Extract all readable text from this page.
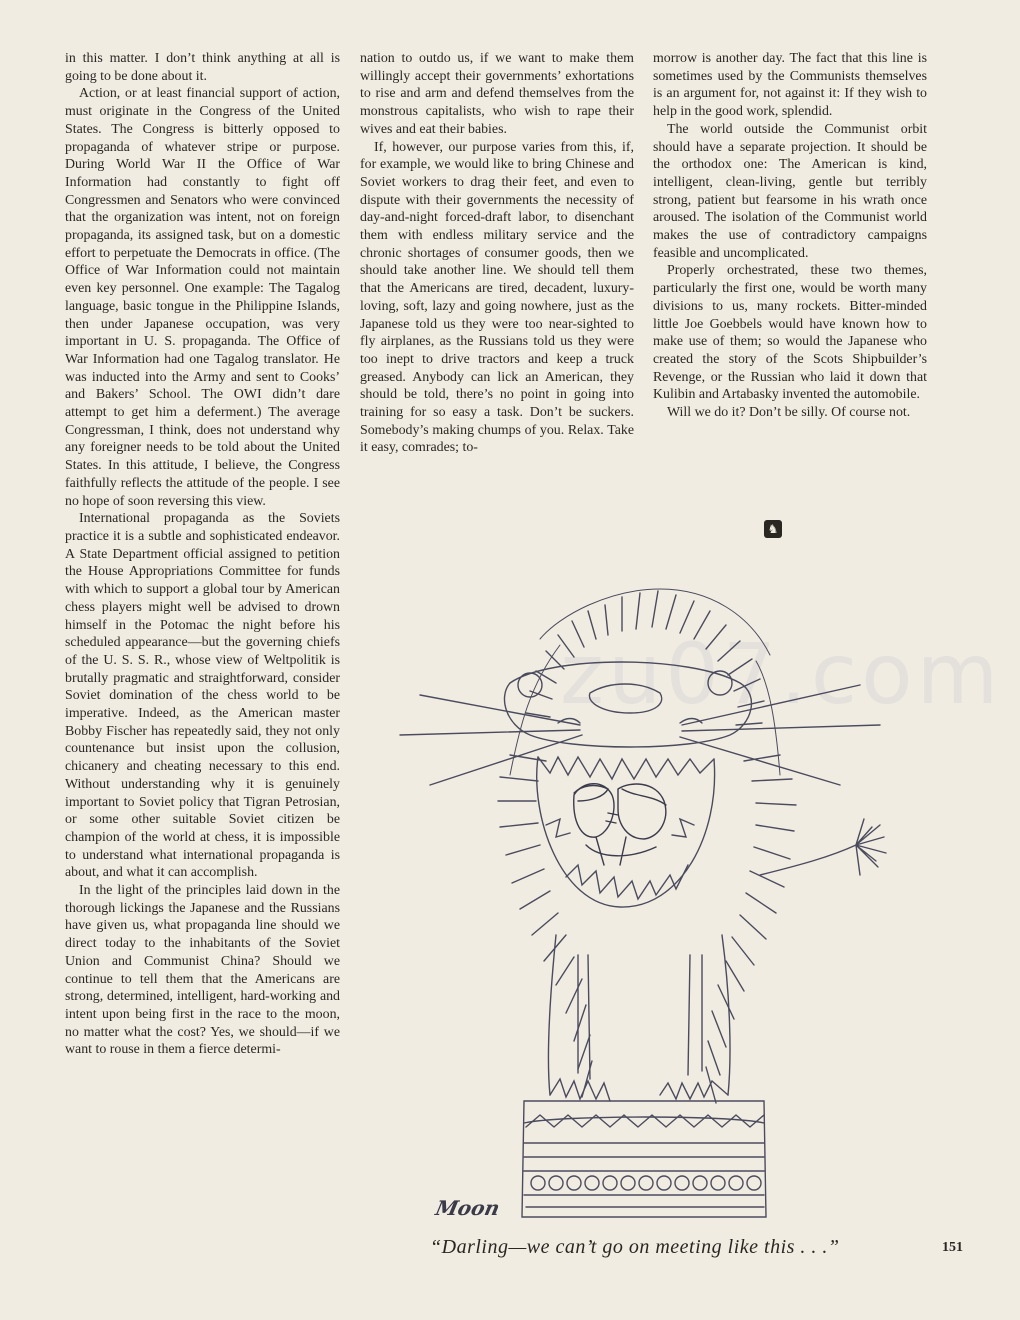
in this matter. I don’t think anything at all is going to be done about it.

Action, or at least financial support of action, must originate in the Congress of the United States. The Congress is bitterly opposed to propaganda of whatever stripe or purpose. During World War II the Office of War Information had constantly to fight off Congressmen and Senators who were convinced that the organization was intent, not on foreign propaganda, its assigned task, but on a domestic effort to perpetuate the Democrats in office. (The Office of War Information could not maintain even key personnel. One example: The Tagalog language, basic tongue in the Philippine Islands, then under Japanese occupation, was very important in U. S. propaganda. The Office of War Information had one Tagalog translator. He was inducted into the Army and sent to Cooks’ and Bakers’ School. The OWI didn’t dare attempt to get him a deferment.) The average Congressman, I think, does not understand why any foreigner needs to be told about the United States. In this attitude, I believe, the Congress faithfully reflects the attitude of the people. I see no hope of soon reversing this view.

International propaganda as the Soviets practice it is a subtle and sophisticated endeavor. A State Department official assigned to petition the House Appropriations Committee for funds with which to support a global tour by American chess players might well be advised to drown himself in the Potomac the night before his scheduled appearance—but the governing chiefs of the U. S. S. R., whose view of Weltpolitik is brutally pragmatic and straightforward, consider Soviet domination of the chess world to be imperative. Indeed, as the American master Bobby Fischer has repeatedly said, they not only countenance but insist upon the collusion, chicanery and cheating necessary to this end. Without understanding why it is genuinely important to Soviet policy that Tigran Petrosian, or some other suitable Soviet citizen be champion of the world at chess, it is impossible to understand what international propaganda is about, and what it can accomplish.

In the light of the principles laid down in the thorough lickings the Japanese and the Russians have given us, what propaganda line should we direct today to the inhabitants of the Soviet Union and Communist China? Should we continue to tell them that the Americans are strong, determined, intelligent, hard-working and intent upon being first in the race to the moon, no matter what the cost? Yes, we should—if we want to rouse in them a fierce determi-

nation to outdo us, if we want to make them willingly accept their governments’ exhortations to rise and arm and defend themselves from the monstrous capitalists, who wish to rape their wives and eat their babies.

If, however, our purpose varies from this, if, for example, we would like to bring Chinese and Soviet workers to drag their feet, and even to dispute with their governments the necessity of day-and-night forced-draft labor, to disenchant them with endless military service and the chronic shortages of consumer goods, then we should take another line. We should tell them that the Americans are tired, decadent, luxury-loving, soft, lazy and going nowhere, just as the Japanese told us they were too near-sighted to fly airplanes, as the Russians told us they were too inept to drive tractors and keep a truck greased. Anybody can lick an American, they should be told, there’s no point in going into training for so easy a task. Don’t be suckers. Somebody’s making chumps of you. Relax. Take it easy, comrades; to-

morrow is another day. The fact that this line is sometimes used by the Communists themselves is an argument for, not against it: If they wish to help in the good work, splendid.

The world outside the Communist orbit should have a separate projection. It should be the orthodox one: The American is kind, intelligent, clean-living, gentle but terribly strong, patient but fearsome in his wrath once aroused. The isolation of the Communist world makes the use of contradictory campaigns feasible and uncomplicated.

Properly orchestrated, these two themes, particularly the first one, would be worth many divisions to us, many rockets. Bitter-minded little Joe Goebbels would have known how to make use of them; so would the Japanese who created the story of the Scots Shipbuilder’s Revenge, or the Russian who laid it down that Kulibin and Artabasky invented the automobile.

Will we do it? Don’t be silly. Of course not.

♞
zu07.com
Moon
“Darling—we can’t go on meeting like this . . .”	151
